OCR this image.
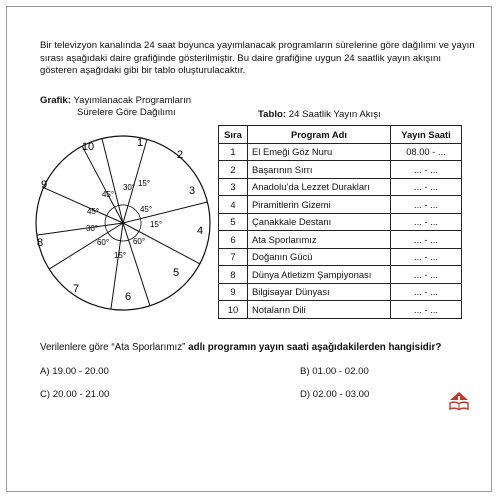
Bir televizyon kanalında 24 saat boyunca yayımlanacak programların sürelerine göre dağılımı ve yayın sırası aşağıdaki daire grafiğinde gösterilmiştir. Bu daire grafiğine uygun 24 saatlik yayın akışını gösteren aşağıdaki gibi bir tablo oluşturulacaktır.

Grafik: Yayımlanacak Programların
Sürelere Göre Dağılımı	Tablo: 24 Saatlik Yayın Akışı
1
2
3
4
5
6
7
8
9
10
30° 15°
45°
15°
60°
15°
60°
30°
45°
45°
Sıra	Program Adı	Yayın Saati
1	El Emeği Göz Nuru	08.00 - ...
2	Başarının Sırrı	... - ...
3	Anadolu’da Lezzet Durakları	... - ...
4	Piramitlerin Gizemi	... - ...
5	Çanakkale Destanı	... - ...
6	Ata Sporlarımız	... - ...
7	Doğanın Gücü	... - ...
8	Dünya Atletizm Şampiyonası	... - ...
9	Bilgisayar Dünyası	... - ...
10	Notaların Dili	... - ...
Verilenlere göre “Ata Sporlarımız” adlı programın yayın saati aşağıdakilerden hangisidir?
A) 19.00 - 20.00	B) 01.00 - 02.00
C) 20.00 - 21.00	D) 02.00 - 03.00
